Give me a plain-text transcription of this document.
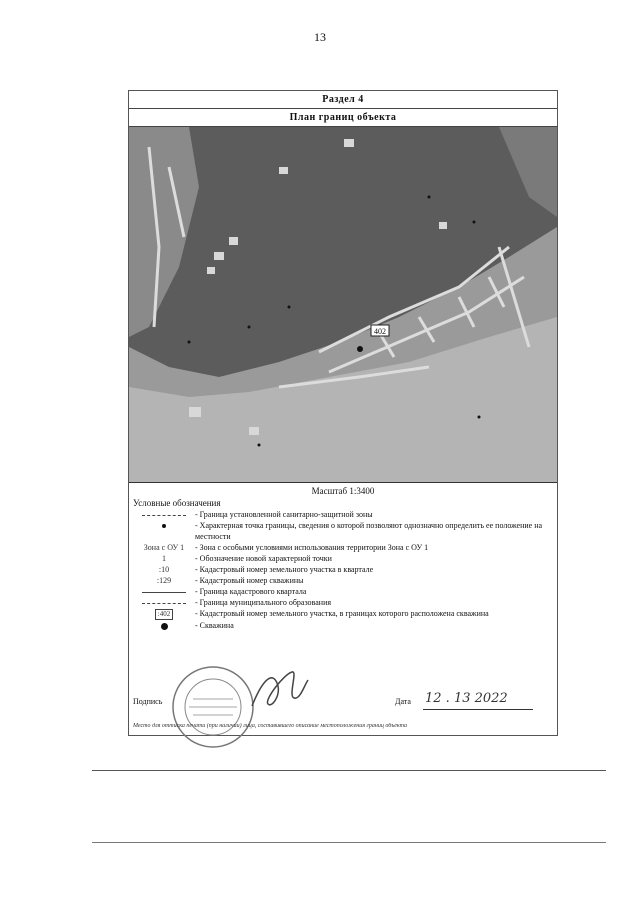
13
Раздел 4
План границ объекта
402
Масштаб 1:3400
Условные обозначения
- Граница установленной санитарно-защитной зоны
- Характерная точка границы, сведения о которой позволяют однозначно определить ее положение на местности
Зона с ОУ 1	- Зона с особыми условиями использования территории Зона с ОУ 1
1	- Обозначение новой характерной точки
:10	- Кадастровый номер земельного участка в квартале
:129	- Кадастровый номер скважины
- Граница кадастрового квартала
- Граница муниципального образования
:402	- Кадастровый номер земельного участка, в границах которого расположена скважина
- Скважина
Подпись	Дата 12 . 13 2022
Место для оттиска печати (при наличии) лица, составившего описание местоположения границ объекта
